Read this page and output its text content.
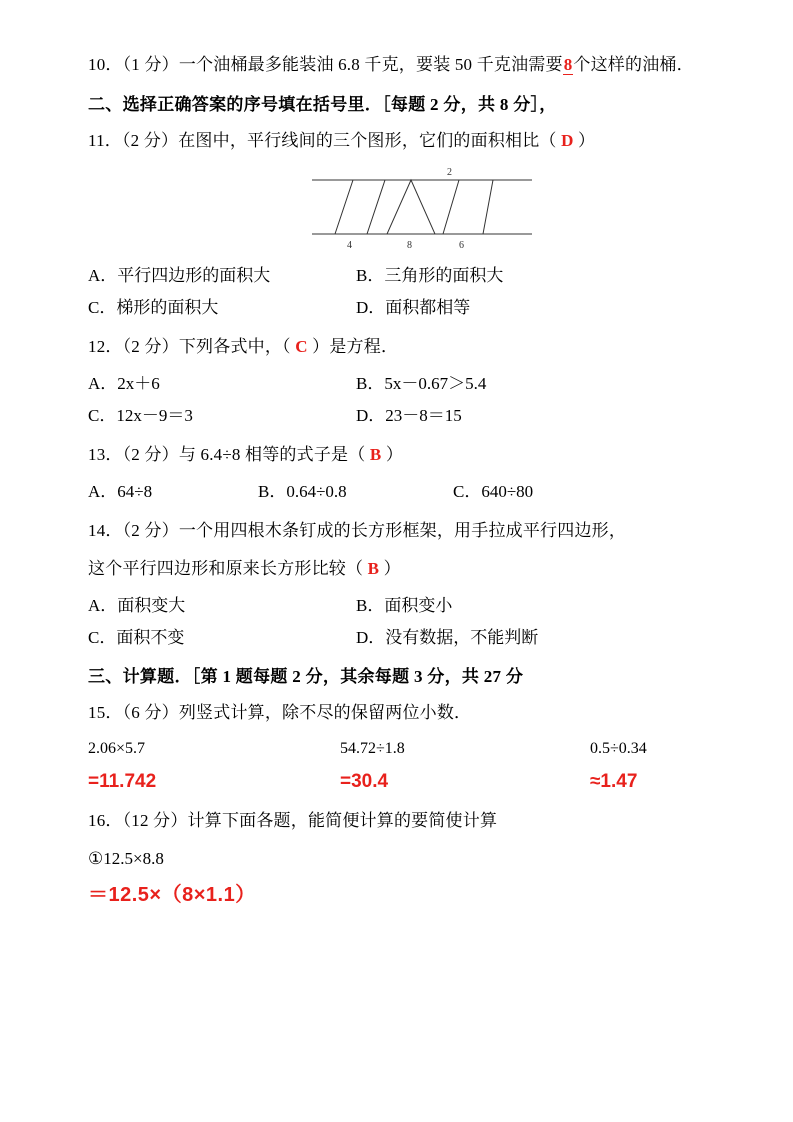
10．（1 分）一个油桶最多能装油 6.8 千克，要装 50 千克油需要8个这样的油桶．
二、选择正确答案的序号填在括号里．［每题 2 分，共 8 分］，
11．（2 分）在图中，平行线间的三个图形，它们的面积相比（ D ）
2
4	8	6
A．平行四边形的面积大	B．三角形的面积大
C．梯形的面积大	D．面积都相等
12．（2 分）下列各式中，（ C ）是方程．
A．2x＋6	B．5x－0.67＞5.4
C．12x－9＝3	D．23－8＝15
13．（2 分）与 6.4÷8 相等的式子是（ B ）
A．64÷8	B．0.64÷0.8	C．640÷80
14．（2 分）一个用四根木条钉成的长方形框架，用手拉成平行四边形，
这个平行四边形和原来长方形比较（ B ）
A．面积变大	B．面积变小
C．面积不变	D．没有数据，不能判断
三、计算题．［第 1 题每题 2 分，其余每题 3 分，共 27 分
15．（6 分）列竖式计算，除不尽的保留两位小数．
2.06×5.7	54.72÷1.8	0.5÷0.34
=11.742	=30.4	≈1.47
16．（12 分）计算下面各题，能简便计算的要简使计算
①12.5×8.8
＝12.5×（8×1.1）
